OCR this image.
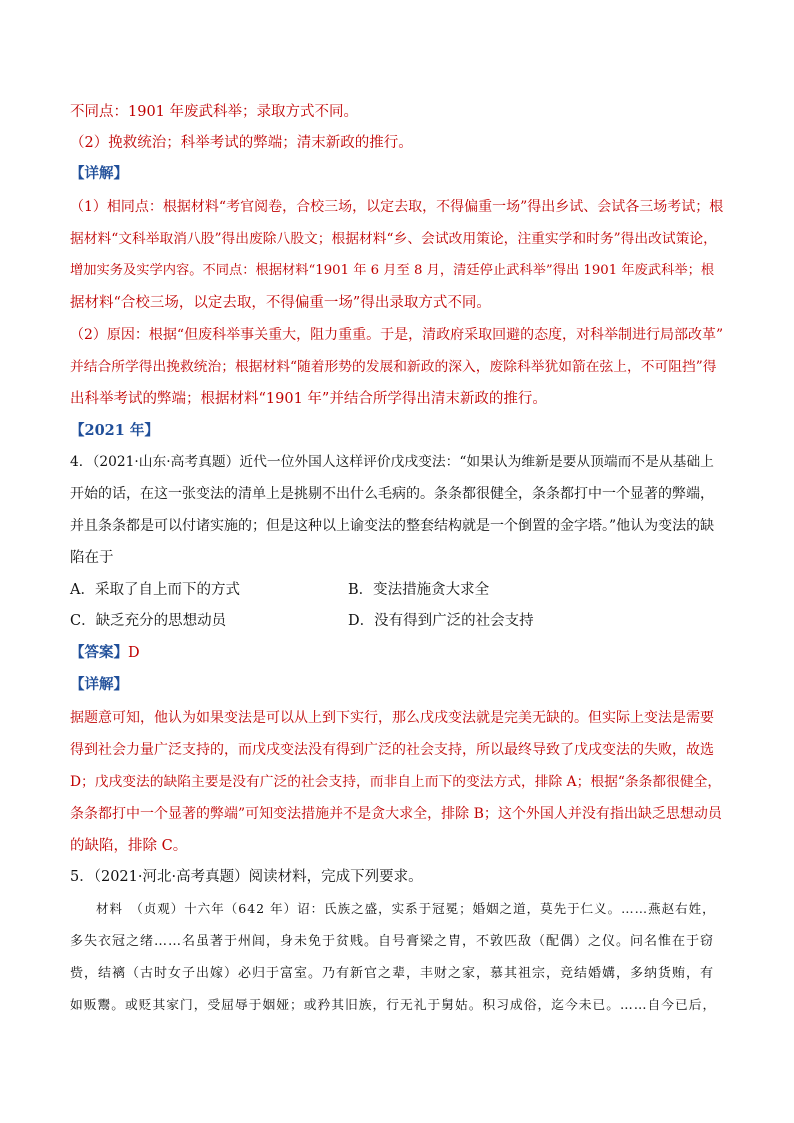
不同点：1901 年废武科举；录取方式不同。
（2）挽救统治；科举考试的弊端；清末新政的推行。
【详解】
（1）相同点：根据材料“考官阅卷，合校三场，以定去取，不得偏重一场”得出乡试、会试各三场考试；根
据材料“文科举取消八股”得出废除八股文；根据材料“乡、会试改用策论，注重实学和时务”得出改试策论，
增加实务及实学内容。不同点：根据材料“1901 年 6 月至 8 月，清廷停止武科举”得出 1901 年废武科举；根
据材料“合校三场，以定去取，不得偏重一场”得出录取方式不同。
（2）原因：根据“但废科举事关重大，阻力重重。于是，清政府采取回避的态度，对科举制进行局部改革”
并结合所学得出挽救统治；根据材料“随着形势的发展和新政的深入，废除科举犹如箭在弦上，不可阻挡”得
出科举考试的弊端；根据材料“1901 年”并结合所学得出清末新政的推行。
【2021 年】
4．（2021·山东·高考真题）近代一位外国人这样评价戊戌变法：“如果认为维新是要从顶端而不是从基础上
开始的话，在这一张变法的清单上是挑剔不出什么毛病的。条条都很健全，条条都打中一个显著的弊端，
并且条条都是可以付诸实施的；但是这种以上谕变法的整套结构就是一个倒置的金字塔。”他认为变法的缺
陷在于
A．采取了自上而下的方式	B．变法措施贪大求全
C．缺乏充分的思想动员	D．没有得到广泛的社会支持
【答案】D
【详解】
据题意可知，他认为如果变法是可以从上到下实行，那么戊戌变法就是完美无缺的。但实际上变法是需要
得到社会力量广泛支持的，而戊戌变法没有得到广泛的社会支持，所以最终导致了戊戌变法的失败，故选
D；戊戌变法的缺陷主要是没有广泛的社会支持，而非自上而下的变法方式，排除 A；根据“条条都很健全，
条条都打中一个显著的弊端”可知变法措施并不是贪大求全，排除 B；这个外国人并没有指出缺乏思想动员
的缺陷，排除 C。
5．（2021·河北·高考真题）阅读材料，完成下列要求。
材料　（贞观）十六年（642 年）诏：氏族之盛，实系于冠冕；婚姻之道，莫先于仁义。……燕赵右姓，
多失衣冠之绪……名虽著于州闾，身未免于贫贱。自号膏梁之胄，不敦匹敌（配偶）之仪。问名惟在于窃
赀，结褵（古时女子出嫁）必归于富室。乃有新官之辈，丰财之家，慕其祖宗，竞结婚媾，多纳货贿，有
如贩鬻。或贬其家门，受屈辱于姻娅；或矜其旧族，行无礼于舅姑。积习成俗，迄今未已。……自今已后，
